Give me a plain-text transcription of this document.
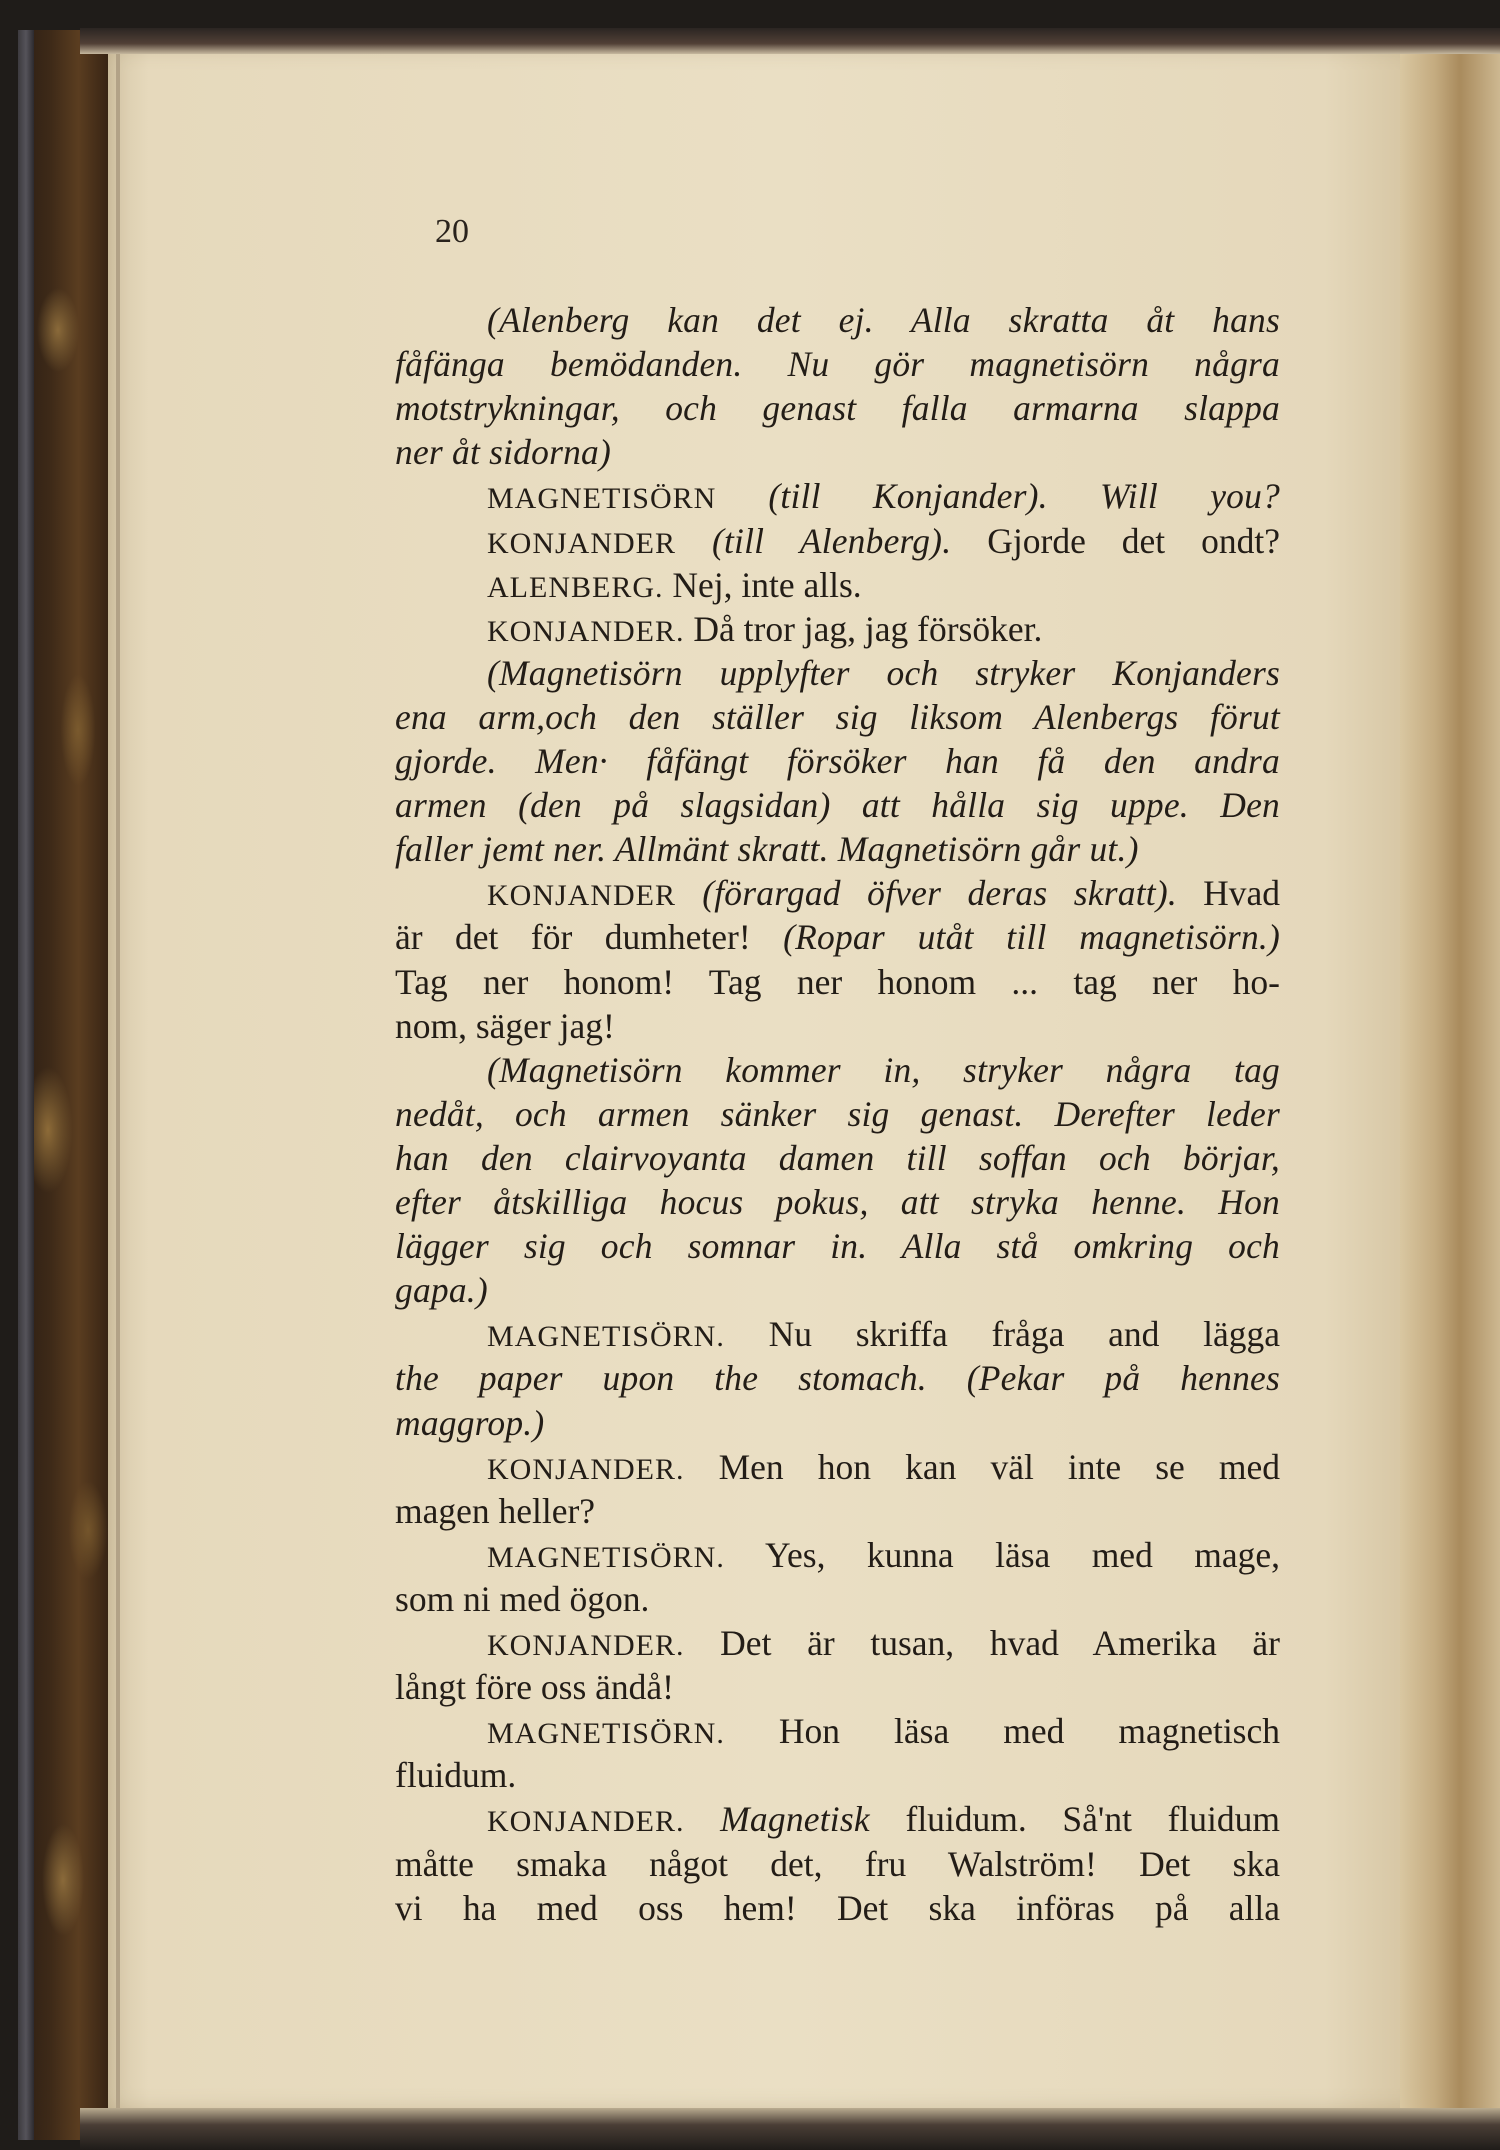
20
(Alenberg kan det ej. Alla skratta åt hans
fåfänga bemödanden. Nu gör magnetisörn några
motstrykningar, och genast falla armarna slappa
ner åt sidorna)
MAGNETISÖRN (till Konjander). Will you?
KONJANDER (till Alenberg). Gjorde det ondt?
ALENBERG. Nej, inte alls.
KONJANDER. Då tror jag, jag försöker.
(Magnetisörn upplyfter och stryker Konjanders
ena arm,och den ställer sig liksom Alenbergs förut
gjorde. Men· fåfängt försöker han få den andra
armen (den på slagsidan) att hålla sig uppe. Den
faller jemt ner. Allmänt skratt. Magnetisörn går ut.)
KONJANDER (förargad öfver deras skratt). Hvad
är det för dumheter! (Ropar utåt till magnetisörn.)
Tag ner honom! Tag ner honom ... tag ner ho-
nom, säger jag!
(Magnetisörn kommer in, stryker några tag
nedåt, och armen sänker sig genast. Derefter leder
han den clairvoyanta damen till soffan och börjar,
efter åtskilliga hocus pokus, att stryka henne. Hon
lägger sig och somnar in. Alla stå omkring och
gapa.)
MAGNETISÖRN. Nu skriffa fråga and lägga
the paper upon the stomach. (Pekar på hennes
maggrop.)
KONJANDER. Men hon kan väl inte se med
magen heller?
MAGNETISÖRN. Yes, kunna läsa med mage,
som ni med ögon.
KONJANDER. Det är tusan, hvad Amerika är
långt före oss ändå!
MAGNETISÖRN. Hon läsa med magnetisch
fluidum.
KONJANDER. Magnetisk fluidum. Så'nt fluidum
måtte smaka något det, fru Walström! Det ska
vi ha med oss hem! Det ska införas på alla
